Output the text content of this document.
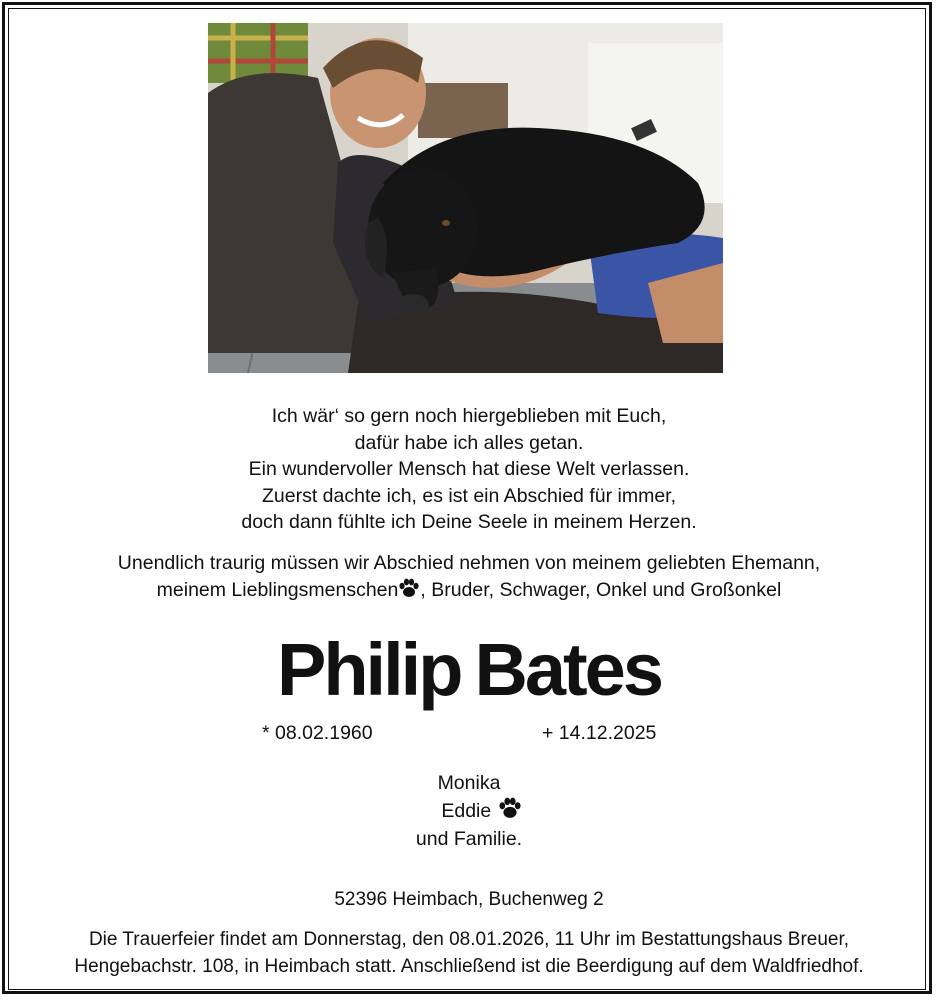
Ich wär‘ so gern noch hiergeblieben mit Euch,
dafür habe ich alles getan.
Ein wundervoller Mensch hat diese Welt verlassen.
Zuerst dachte ich, es ist ein Abschied für immer,
doch dann fühlte ich Deine Seele in meinem Herzen.
Unendlich traurig müssen wir Abschied nehmen von meinem geliebten Ehemann,
meinem Lieblingsmenschen , Bruder, Schwager, Onkel und Großonkel
Philip Bates
* 08.02.1960	+ 14.12.2025
Monika
Eddie
und Familie.
52396 Heimbach, Buchenweg 2
Die Trauerfeier findet am Donnerstag, den 08.01.2026, 11 Uhr im Bestattungshaus Breuer,
Hengebachstr. 108, in Heimbach statt. Anschließend ist die Beerdigung auf dem Waldfriedhof.
